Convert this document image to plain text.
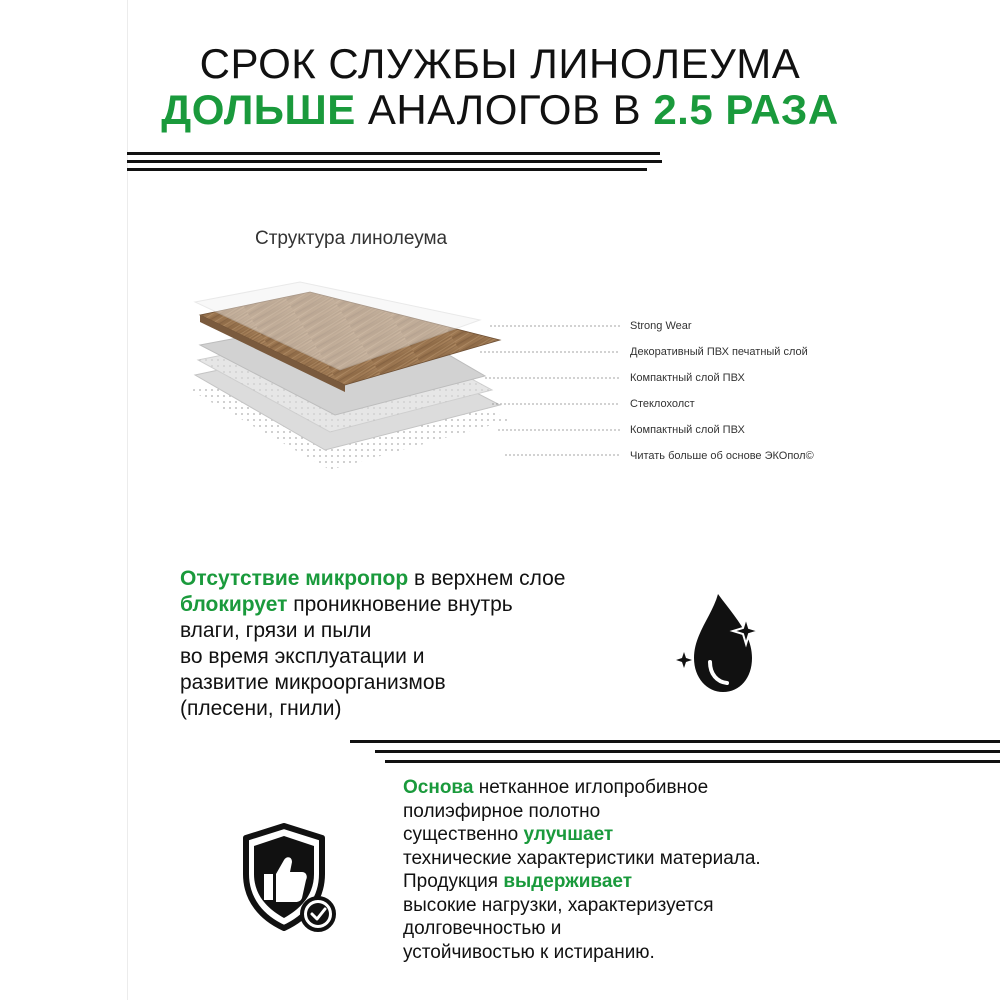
СРОК СЛУЖБЫ ЛИНОЛЕУМА
ДОЛЬШЕ АНАЛОГОВ В 2.5 РАЗА
Структура линолеума
Strong Wear
Декоративный ПВХ печатный слой
Компактный слой ПВХ
Стеклохолст
Компактный слой ПВХ
Читать больше об основе ЭКОпол©
Отсутствие микропор в верхнем слое
блокирует проникновение внутрь
влаги, грязи и пыли
во время эксплуатации и
развитие микроорганизмов
(плесени, гнили)
Основа нетканное иглопробивное
полиэфирное полотно
существенно улучшает
технические характеристики материала.
Продукция выдерживает
высокие нагрузки, характеризуется
долговечностью и
устойчивостью к истиранию.
